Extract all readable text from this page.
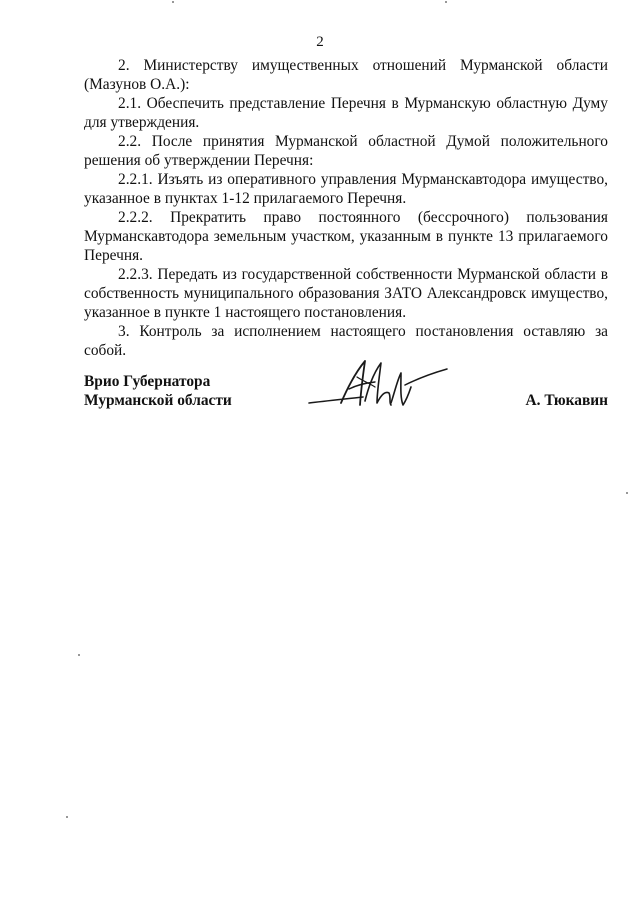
2

2. Министерству имущественных отношений Мурманской области (Мазунов О.А.):

2.1. Обеспечить представление Перечня в Мурманскую областную Думу для утверждения.

2.2. После принятия Мурманской областной Думой положительного решения об утверждении Перечня:

2.2.1. Изъять из оперативного управления Мурманскавтодора имущество, указанное в пунктах 1-12 прилагаемого Перечня.

2.2.2. Прекратить право постоянного (бессрочного) пользования Мурманскавтодора земельным участком, указанным в пункте 13 прилагаемого Перечня.

2.2.3. Передать из государственной собственности Мурманской области в собственность муниципального образования ЗАТО Александровск имущество, указанное в пункте 1 настоящего постановления.

3. Контроль за исполнением настоящего постановления оставляю за собой.

Врио Губернатора
Мурманской области	А. Тюкавин
